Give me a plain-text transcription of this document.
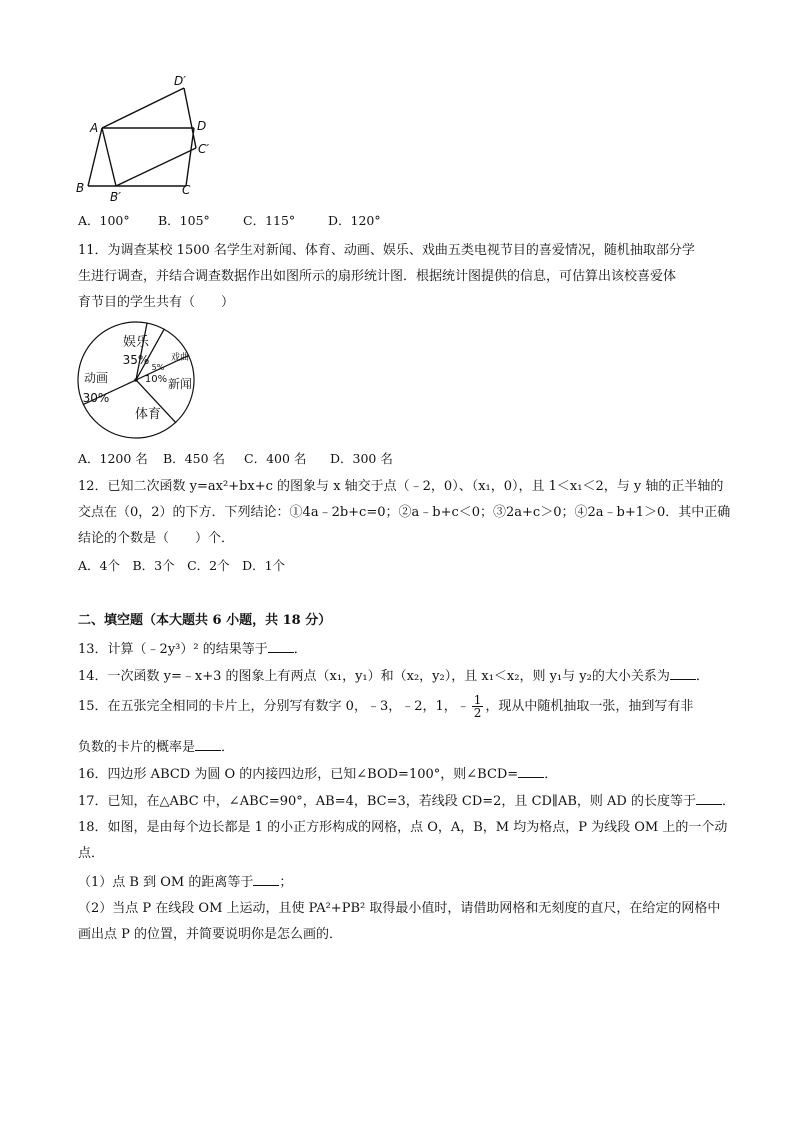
A
B
B′	C
C′
D
D′
A．100° B．105°	C．115°	D．120°
11．为调查某校 1500 名学生对新闻、体育、动画、娱乐、戏曲五类电视节目的喜爱情况，随机抽取部分学
生进行调查，并结合调查数据作出如图所示的扇形统计图．根据统计图提供的信息，可估算出该校喜爱体
育节目的学生共有（　　）
娱乐
35% 戏曲
5%
新闻
10%
体育
动画
30%
A．1200 名 B．450 名 C．400 名 D．300 名
12．已知二次函数 y=ax²+bx+c 的图象与 x 轴交于点（﹣2，0）、（x₁，0），且 1＜x₁＜2，与 y 轴的正半轴的
交点在（0，2）的下方．下列结论：①4a﹣2b+c=0；②a﹣b+c＜0；③2a+c＞0；④2a﹣b+1＞0．其中正确
结论的个数是（　　）个．
A．4个　B．3个　C．2个　D．1个
二、填空题（本大题共 6 小题，共 18 分）
13．计算（﹣2y³）² 的结果等于 ．
14．一次函数 y=﹣x+3 的图象上有两点（x₁，y₁）和（x₂，y₂），且 x₁＜x₂，则 y₁与 y₂的大小关系为 ．
15．在五张完全相同的卡片上，分别写有数字 0，﹣3，﹣2，1，﹣ $\frac{1}{2}$ ，现从中随机抽取一张，抽到写有非
负数的卡片的概率是 ．
16．四边形 ABCD 为圆 O 的内接四边形，已知∠BOD=100°，则∠BCD= ．
17．已知，在△ABC 中，∠ABC=90°，AB=4，BC=3，若线段 CD=2，且 CD∥AB，则 AD 的长度等于 ．
18．如图，是由每个边长都是 1 的小正方形构成的网格，点 O，A，B，M 均为格点，P 为线段 OM 上的一个动
点．
（1）点 B 到 OM 的距离等于 ；
（2）当点 P 在线段 OM 上运动，且使 PA²+PB² 取得最小值时，请借助网格和无刻度的直尺，在给定的网格中
画出点 P 的位置，并简要说明你是怎么画的．
